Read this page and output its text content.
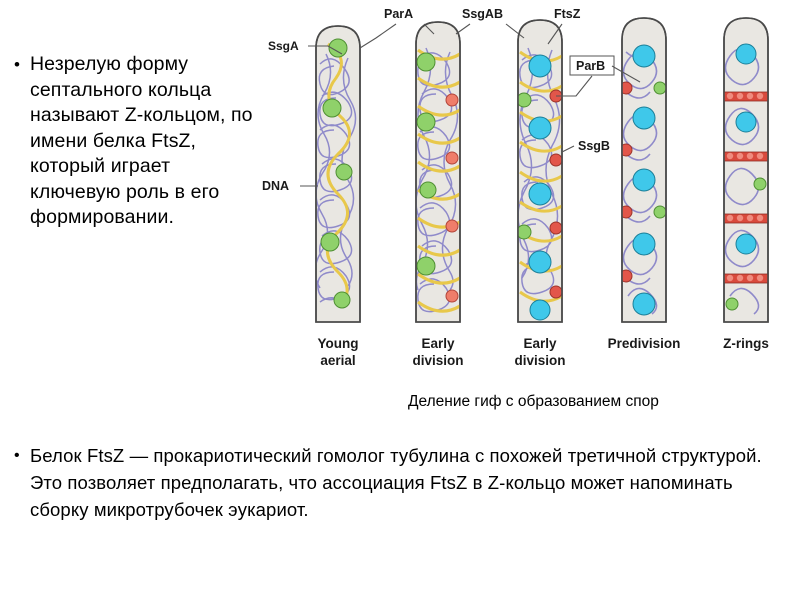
• Незрелую форму септального кольца называют Z-кольцом, по имени белка FtsZ, который играет ключевую роль в его формировании.
SsgA
ParA	SsgAB	FtsZ
ParB
SsgB
DNA
Young
aerial
Early
division
Early
division
Predivision	Z-rings
Деление гиф с образованием спор
• Белок FtsZ — прокариотический гомолог тубулина с похожей третичной структурой. Это позволяет предполагать, что ассоциация FtsZ в Z-кольцо может напоминать сборку микротрубочек эукариот.
